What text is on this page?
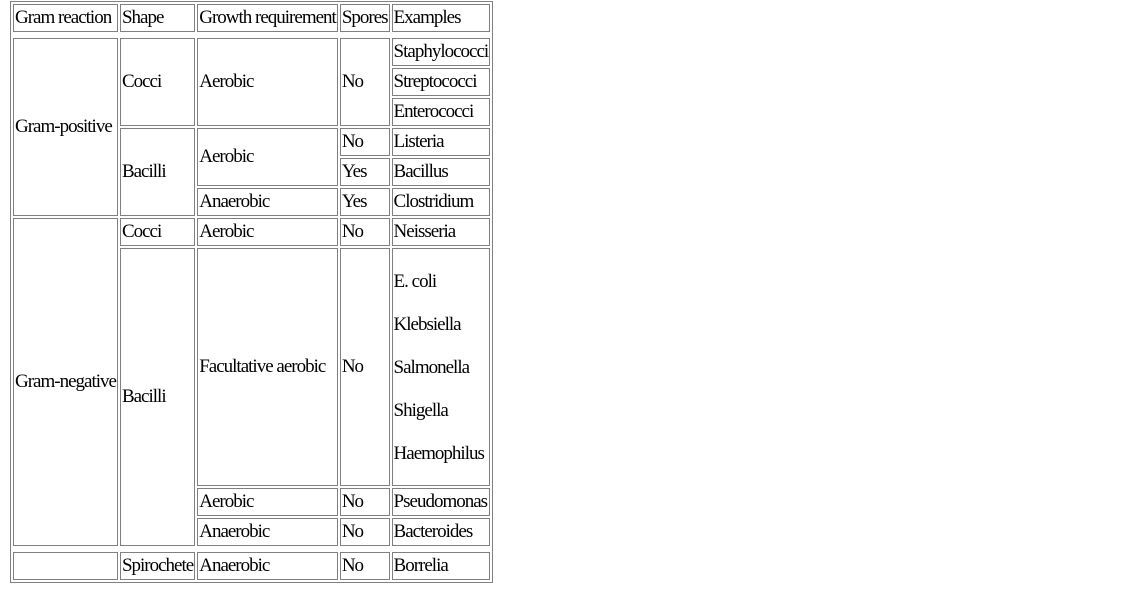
Gram reaction	Shape	Growth requirement	Spores	Examples

Gram-positive	Cocci	Aerobic	No	Staphylococci
				Streptococci
				Enterococci
	Bacilli	Aerobic	No	Listeria
			Yes	Bacillus
		Anaerobic	Yes	Clostridium
Gram-negative	Cocci	Aerobic	No	Neisseria
	Bacilli	Facultative aerobic	No	E. coli
Klebsiella
Salmonella
Shigella
Haemophilus

		Aerobic	No	Pseudomonas
		Anaerobic	No	Bacteroides

	Spirochete	Anaerobic	No	Borrelia
